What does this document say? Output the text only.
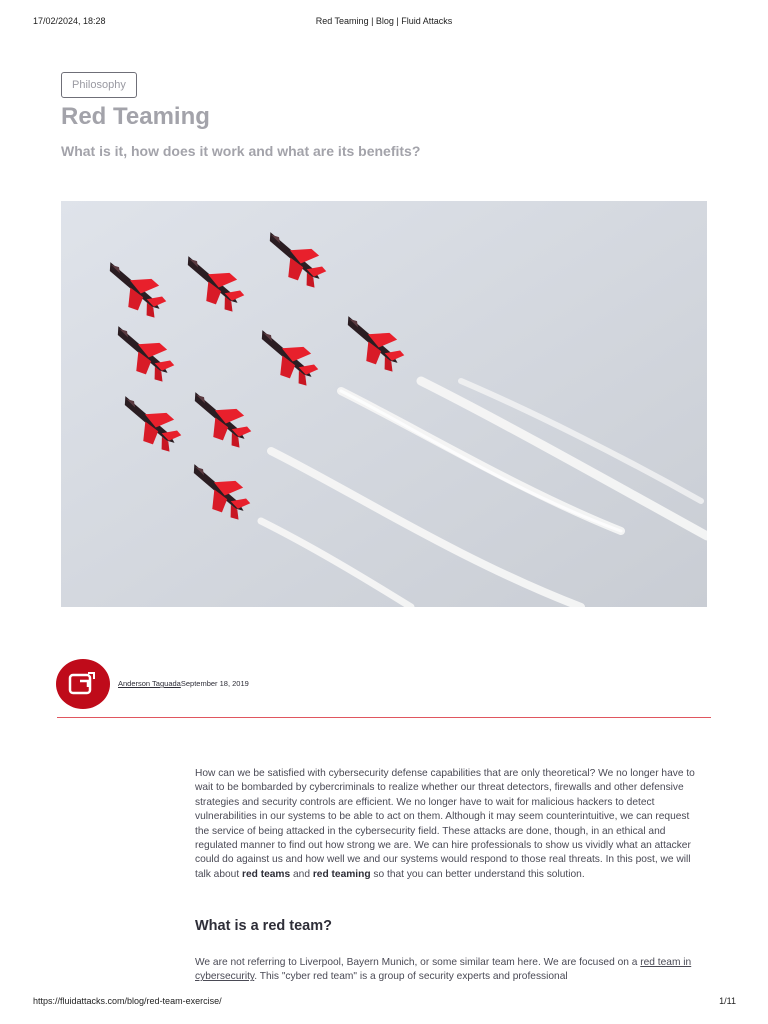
17/02/2024, 18:28	Red Teaming | Blog | Fluid Attacks
Philosophy
Red Teaming
What is it, how does it work and what are its benefits?
Anderson TaguadaSeptember 18, 2019

How can we be satisfied with cybersecurity defense capabilities that are only theoretical? We no longer have to wait to be bombarded by cybercriminals to realize whether our threat detectors, firewalls and other defensive strategies and security controls are efficient. We no longer have to wait for malicious hackers to detect vulnerabilities in our systems to be able to act on them. Although it may seem counterintuitive, we can request the service of being attacked in the cybersecurity field. These attacks are done, though, in an ethical and regulated manner to find out how strong we are. We can hire professionals to show us vividly what an attacker could do against us and how well we and our systems would respond to those real threats. In this post, we will talk about red teams and red teaming so that you can better understand this solution.

What is a red team?

We are not referring to Liverpool, Bayern Munich, or some similar team here. We are focused on a red team in cybersecurity. This "cyber red team" is a group of security experts and professional

https://fluidattacks.com/blog/red-team-exercise/	1/11
